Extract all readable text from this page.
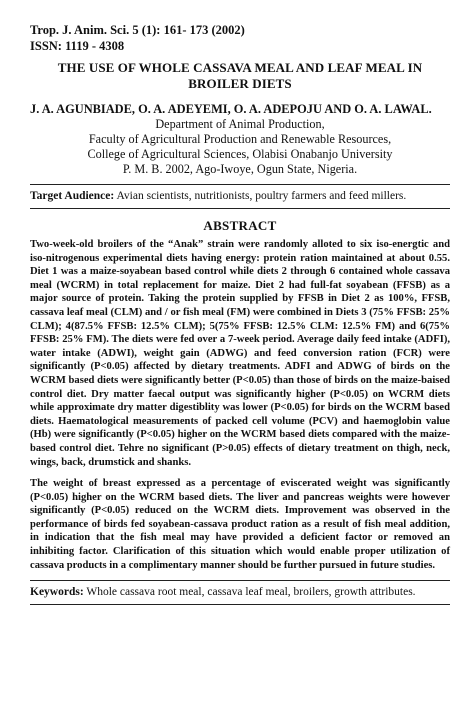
Trop. J. Anim. Sci. 5 (1): 161- 173 (2002)
ISSN: 1119 - 4308
THE USE OF WHOLE CASSAVA MEAL AND LEAF MEAL IN
BROILER DIETS
J. A. AGUNBIADE, O. A. ADEYEMI, O. A. ADEPOJU AND O. A. LAWAL.
Department of Animal Production,
Faculty of Agricultural Production and Renewable Resources,
College of Agricultural Sciences, Olabisi Onabanjo University
P. M. B. 2002, Ago-Iwoye, Ogun State, Nigeria.
Target Audience: Avian scientists, nutritionists, poultry farmers and feed millers.
ABSTRACT

Two-week-old broilers of the “Anak” strain were randomly alloted to six iso-energtic and iso-nitrogenous experimental diets having energy: protein ration maintained at about 0.55. Diet 1 was a maize-soyabean based control while diets 2 through 6 contained whole cassava meal (WCRM) in total replacement for maize. Diet 2 had full-fat soyabean (FFSB) as a major source of protein. Taking the protein supplied by FFSB in Diet 2 as 100%, FFSB, cassava leaf meal (CLM) and / or fish meal (FM) were combined in Diets 3 (75% FFSB: 25% CLM); 4(87.5% FFSB: 12.5% CLM); 5(75% FFSB: 12.5% CLM: 12.5% FM) and 6(75% FFSB: 25% FM). The diets were fed over a 7-week period. Average daily feed intake (ADFI), water intake (ADWI), weight gain (ADWG) and feed conversion ration (FCR) were significantly (P<0.05) affected by dietary treatments. ADFI and ADWG of birds on the WCRM based diets were significantly better (P<0.05) than those of birds on the maize-baised control diet. Dry matter faecal output was significantly higher (P<0.05) on WCRM diets while approximate dry matter digestiblity was lower (P<0.05) for birds on the WCRM based diets. Haematological measurements of packed cell volume (PCV) and haemoglobin value (Hb) were significantly (P<0.05) higher on the WCRM based diets compared with the maize-based control diet. Tehre no significant (P>0.05) effects of dietary treatment on thigh, neck, wings, back, drumstick and shanks.

The weight of breast expressed as a percentage of eviscerated weight was significantly (P<0.05) higher on the WCRM based diets. The liver and pancreas weights were however significantly (P<0.05) reduced on the WCRM diets. Improvement was observed in the performance of birds fed soyabean-cassava product ration as a result of fish meal addition, in indication that the fish meal may have provided a deficient factor or removed an inhibiting factor. Clarification of this situation which would enable proper utilization of cassava products in a complimentary manner should be further pursued in future studies.

Keywords: Whole cassava root meal, cassava leaf meal, broilers, growth attributes.
